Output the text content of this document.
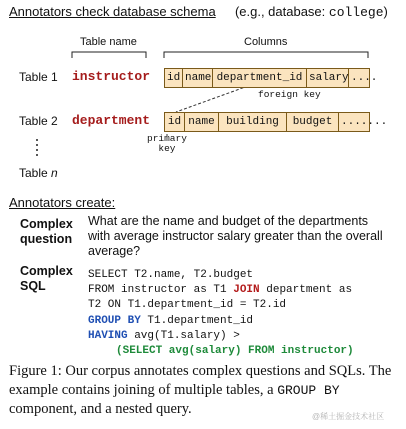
Annotators check database schema (e.g., database: college)
Table name	Columns
Table 1 instructor id name department_id salary ....
foreign key
Table 2 department id name	building	budget .......
primary
key
Table n
Annotators create:
Complex
question
What are the name and budget of the departments with average instructor salary greater than the overall average?
Complex
SQL
SELECT T2.name, T2.budget
FROM instructor as T1 JOIN department as
T2 ON T1.department_id = T2.id
GROUP BY T1.department_id
HAVING avg(T1.salary) >
(SELECT avg(salary) FROM instructor)
Figure 1: Our corpus annotates complex questions and SQLs. The example contains joining of multiple tables, a GROUP BY component, and a nested query.	@稀土掘金技术社区
